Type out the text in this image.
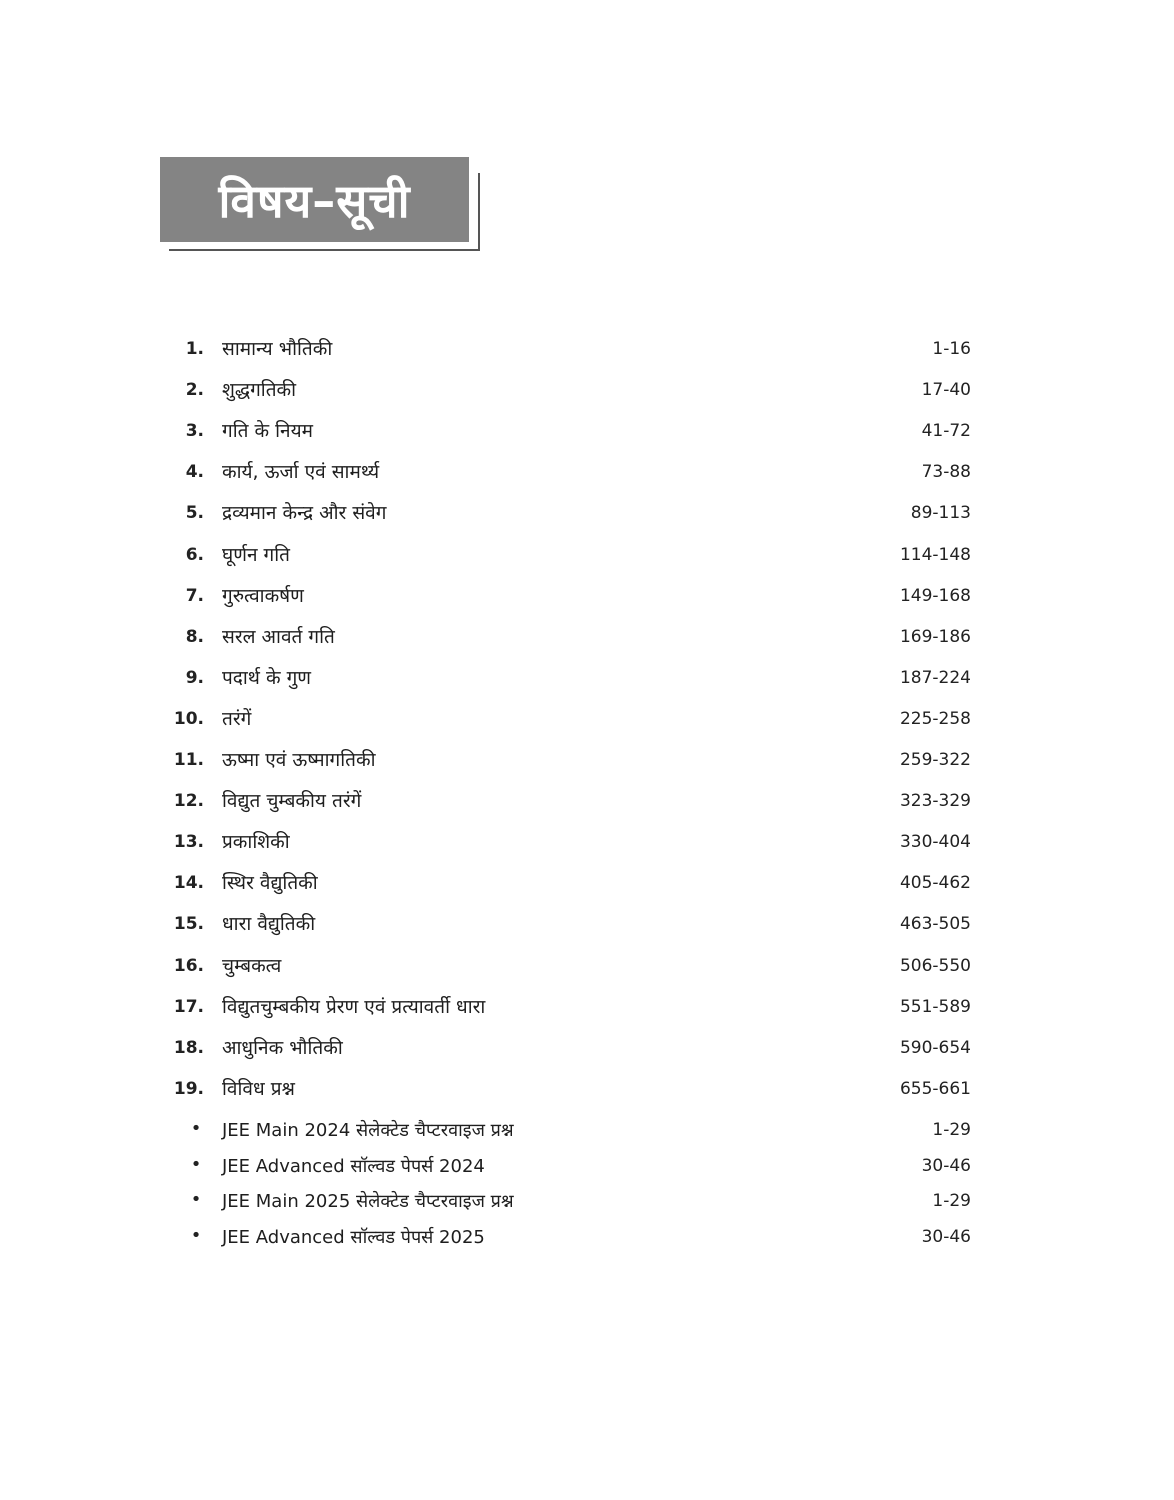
विषय–सूची
1. सामान्य भौतिकी	1-16
2. शुद्धगतिकी	17-40
3. गति के नियम	41-72
4. कार्य, ऊर्जा एवं सामर्थ्य	73-88
5. द्रव्यमान केन्द्र और संवेग	89-113
6. घूर्णन गति	114-148
7. गुरुत्वाकर्षण	149-168
8. सरल आवर्त गति	169-186
9. पदार्थ के गुण	187-224
10. तरंगें	225-258
11. ऊष्मा एवं ऊष्मागतिकी	259-322
12. विद्युत चुम्बकीय तरंगें	323-329
13. प्रकाशिकी	330-404
14. स्थिर वैद्युतिकी	405-462
15. धारा वैद्युतिकी	463-505
16. चुम्बकत्व	506-550
17. विद्युतचुम्बकीय प्रेरण एवं प्रत्यावर्ती धारा	551-589
18. आधुनिक भौतिकी	590-654
19. विविध प्रश्न	655-661
• JEE Main 2024 सेलेक्टेड चैप्टरवाइज प्रश्न	1-29
• JEE Advanced सॉल्वड पेपर्स 2024	30-46
• JEE Main 2025 सेलेक्टेड चैप्टरवाइज प्रश्न	1-29
• JEE Advanced सॉल्वड पेपर्स 2025	30-46
